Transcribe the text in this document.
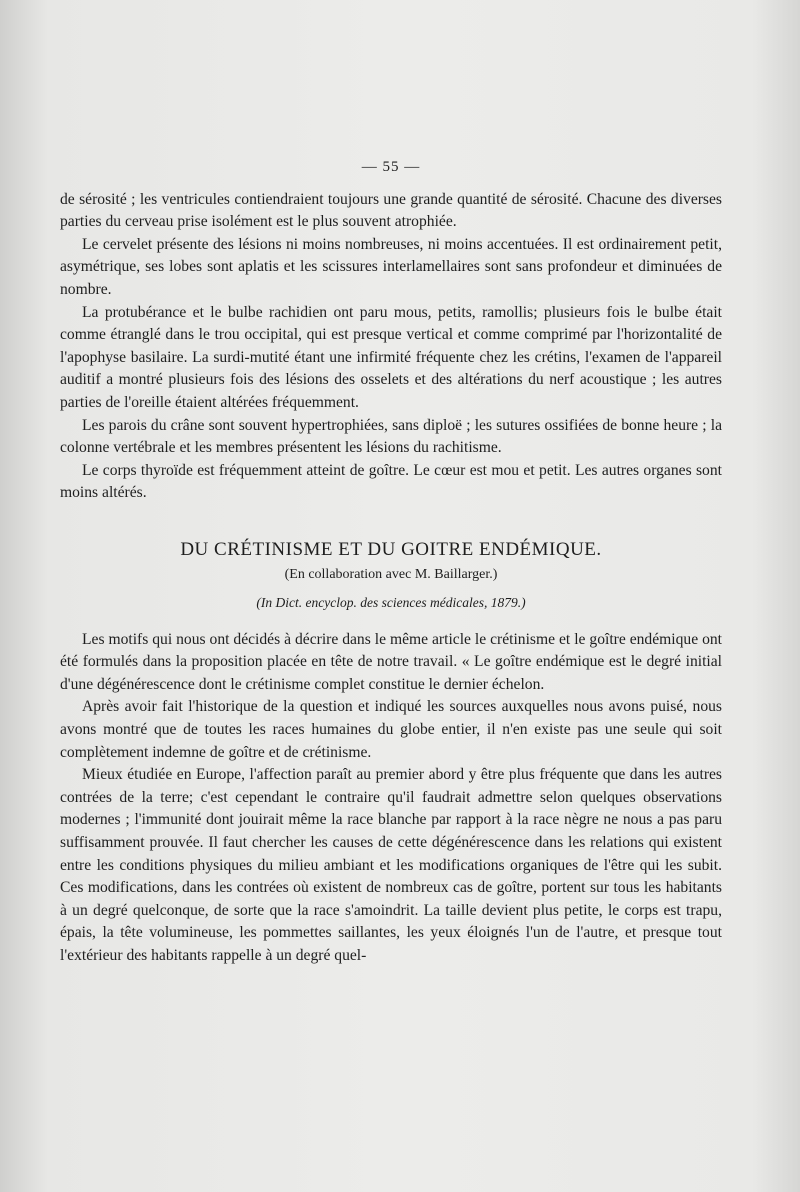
— 55 —

de sérosité ; les ventricules contiendraient toujours une grande quantité de sérosité. Chacune des diverses parties du cerveau prise isolément est le plus souvent atrophiée.

Le cervelet présente des lésions ni moins nombreuses, ni moins accentuées. Il est ordinairement petit, asymétrique, ses lobes sont aplatis et les scissures interlamellaires sont sans profondeur et diminuées de nombre.

La protubérance et le bulbe rachidien ont paru mous, petits, ramollis; plusieurs fois le bulbe était comme étranglé dans le trou occipital, qui est presque vertical et comme comprimé par l'horizontalité de l'apophyse basilaire. La surdi-mutité étant une infirmité fréquente chez les crétins, l'examen de l'appareil auditif a montré plusieurs fois des lésions des osselets et des altérations du nerf acoustique ; les autres parties de l'oreille étaient altérées fréquemment.

Les parois du crâne sont souvent hypertrophiées, sans diploë ; les sutures ossifiées de bonne heure ; la colonne vertébrale et les membres présentent les lésions du rachitisme.

Le corps thyroïde est fréquemment atteint de goître. Le cœur est mou et petit. Les autres organes sont moins altérés.

DU CRÉTINISME ET DU GOITRE ENDÉMIQUE.
(En collaboration avec M. Baillarger.)
(In Dict. encyclop. des sciences médicales, 1879.)

Les motifs qui nous ont décidés à décrire dans le même article le crétinisme et le goître endémique ont été formulés dans la proposition placée en tête de notre travail. « Le goître endémique est le degré initial d'une dégénérescence dont le crétinisme complet constitue le dernier échelon.

Après avoir fait l'historique de la question et indiqué les sources auxquelles nous avons puisé, nous avons montré que de toutes les races humaines du globe entier, il n'en existe pas une seule qui soit complètement indemne de goître et de crétinisme.

Mieux étudiée en Europe, l'affection paraît au premier abord y être plus fréquente que dans les autres contrées de la terre; c'est cependant le contraire qu'il faudrait admettre selon quelques observations modernes ; l'immunité dont jouirait même la race blanche par rapport à la race nègre ne nous a pas paru suffisamment prouvée. Il faut chercher les causes de cette dégénérescence dans les relations qui existent entre les conditions physiques du milieu ambiant et les modifications organiques de l'être qui les subit. Ces modifications, dans les contrées où existent de nombreux cas de goître, portent sur tous les habitants à un degré quelconque, de sorte que la race s'amoindrit. La taille devient plus petite, le corps est trapu, épais, la tête volumineuse, les pommettes saillantes, les yeux éloignés l'un de l'autre, et presque tout l'extérieur des habitants rappelle à un degré quel-
